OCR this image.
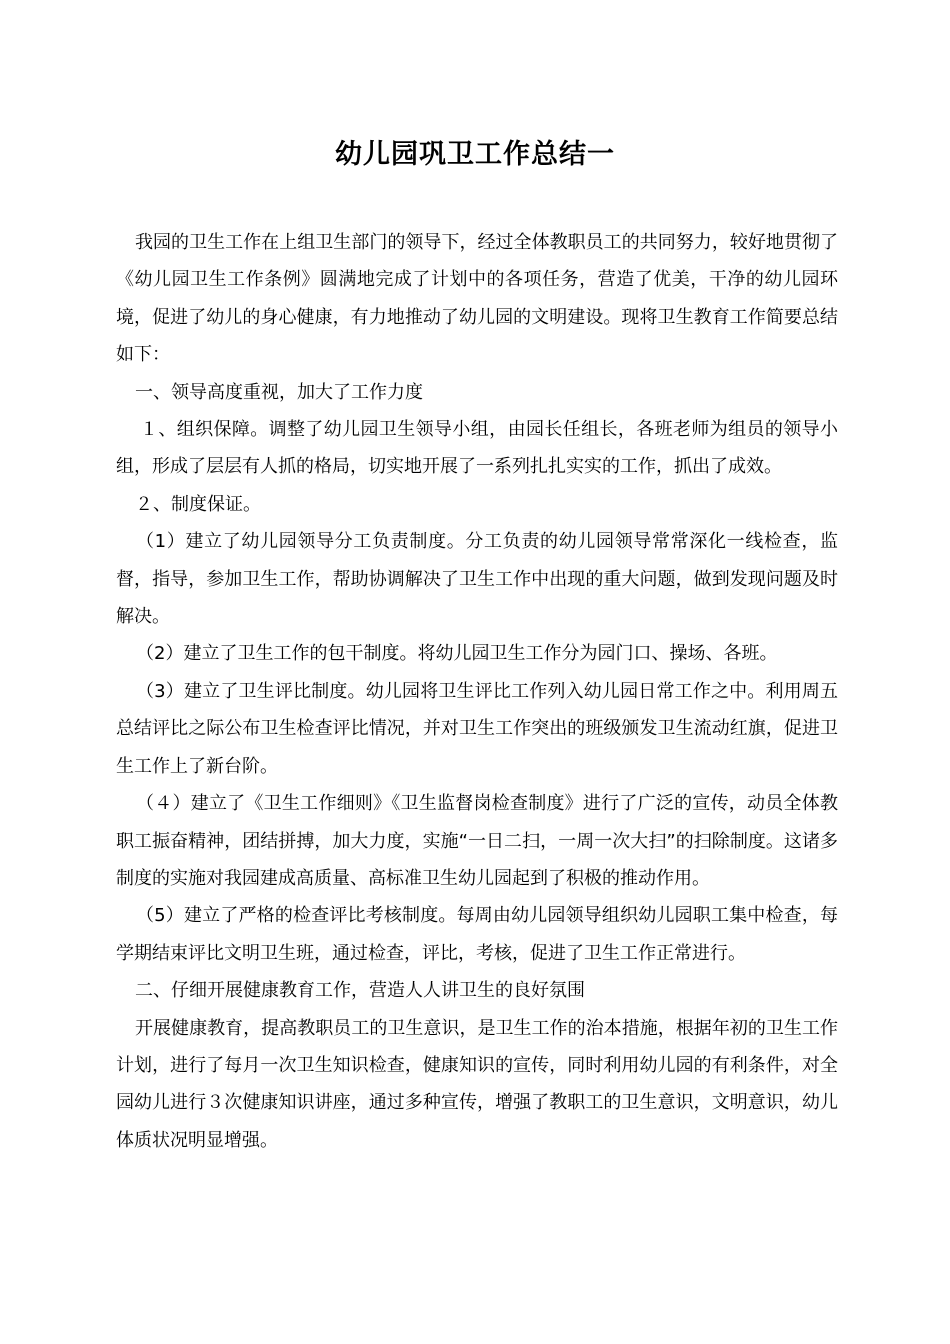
幼儿园巩卫工作总结一

我园的卫生工作在上组卫生部门的领导下，经过全体教职员工的共同努力，较好地贯彻了《幼儿园卫生工作条例》圆满地完成了计划中的各项任务，营造了优美，干净的幼儿园环境，促进了幼儿的身心健康，有力地推动了幼儿园的文明建设。现将卫生教育工作简要总结如下：

一、领导高度重视，加大了工作力度

１、组织保障。调整了幼儿园卫生领导小组，由园长任组长，各班老师为组员的领导小组，形成了层层有人抓的格局，切实地开展了一系列扎扎实实的工作，抓出了成效。

２、制度保证。

（1）建立了幼儿园领导分工负责制度。分工负责的幼儿园领导常常深化一线检查，监督，指导，参加卫生工作，帮助协调解决了卫生工作中出现的重大问题，做到发现问题及时解决。

（2）建立了卫生工作的包干制度。将幼儿园卫生工作分为园门口、操场、各班。

（3）建立了卫生评比制度。幼儿园将卫生评比工作列入幼儿园日常工作之中。利用周五总结评比之际公布卫生检查评比情况，并对卫生工作突出的班级颁发卫生流动红旗，促进卫生工作上了新台阶。

（４）建立了《卫生工作细则》《卫生监督岗检查制度》进行了广泛的宣传，动员全体教职工振奋精神，团结拼搏，加大力度，实施“一日二扫，一周一次大扫”的扫除制度。这诸多制度的实施对我园建成高质量、高标准卫生幼儿园起到了积极的推动作用。

（5）建立了严格的检查评比考核制度。每周由幼儿园领导组织幼儿园职工集中检查，每学期结束评比文明卫生班，通过检查，评比，考核，促进了卫生工作正常进行。

二、仔细开展健康教育工作，营造人人讲卫生的良好氛围

开展健康教育，提高教职员工的卫生意识，是卫生工作的治本措施，根据年初的卫生工作计划，进行了每月一次卫生知识检查，健康知识的宣传，同时利用幼儿园的有利条件，对全园幼儿进行３次健康知识讲座，通过多种宣传，增强了教职工的卫生意识，文明意识，幼儿体质状况明显增强。
